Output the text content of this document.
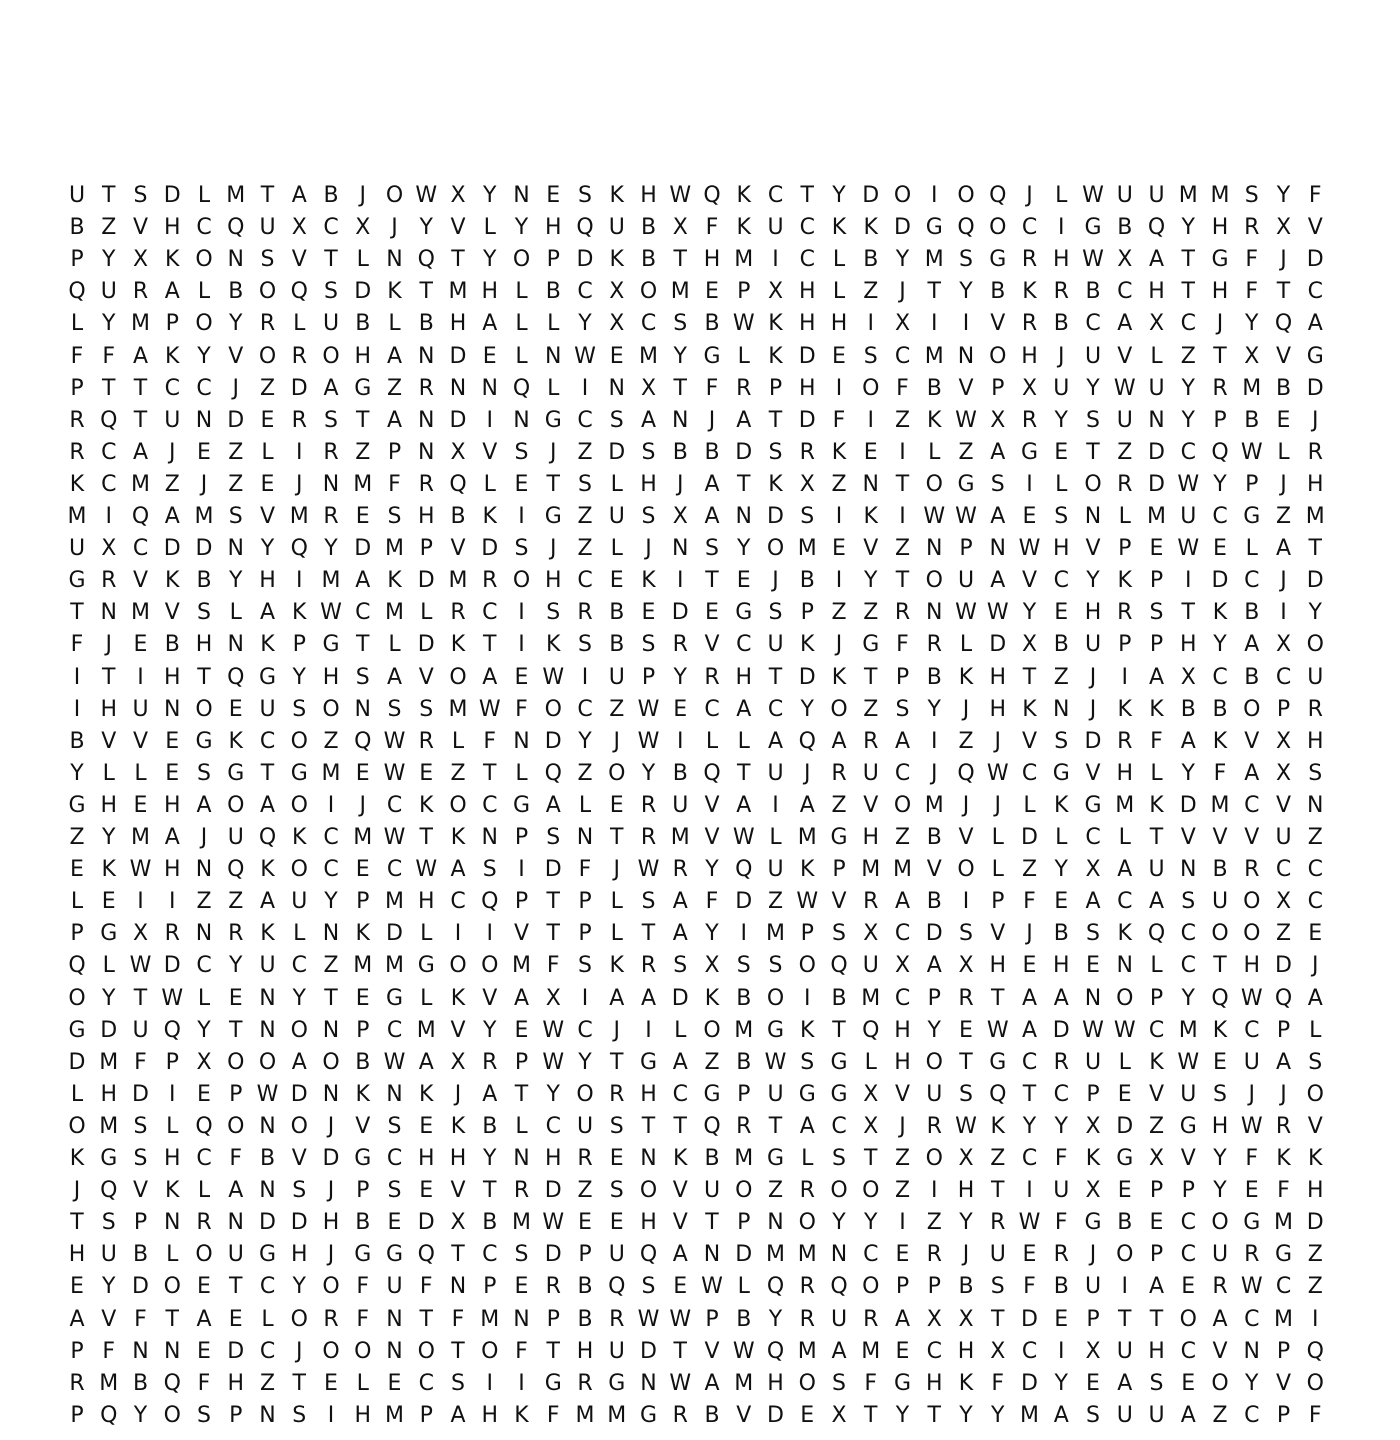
U T S D L M T A B J O W X Y N E S K H W Q K C T Y D O I O Q J	L W U U M M S Y F
B Z V H C Q U X C X J Y V L Y H Q U B X F K U C K K D G Q O C I G B Q Y H R X V
P Y X K O N S V T L N Q T Y O P D K B T H M I C L B Y M S G R H W X A T G F	J D
Q U R A L B O Q S D K T M H L B C X O M E P X H L Z J T Y B K R B C H T H F T C
L Y M P O Y R L U B L B H A L L Y X C S B W K H H I X I	I V R B C A X C J Y Q A
F F A K Y V O R O H A N D E L N W E M Y G L K D E S C M N O H J U V L Z T X V G
P T T C C J Z D A G Z R N N Q L	I N X T F R P H I O F B V P X U Y W U Y R M B D
R Q T U N D E R S T A N D I N G C S A N J A T D F	I Z K W X R Y S U N Y P B E J
R C A J E Z L	I R Z P N X V S J Z D S B B D S R K E I	L Z A G E T Z D C Q W L R
K C M Z J Z E J N M F R Q L E T S L H J A T K X Z N T O G S I	L O R D W Y P J H
M I Q A M S V M R E S H B K I G Z U S X A N D S I K I W W A E S N L M U C G Z M
U X C D D N Y Q Y D M P V D S J Z L	J N S Y O M E V Z N P N W H V P E W E L A T
G R V K B Y H I M A K D M R O H C E K I T E J B I Y T O U A V C Y K P I D C J D
T N M V S L A K W C M L R C I S R B E D E G S P Z Z R N W W Y E H R S T K B I Y
F	J E B H N K P G T L D K T I K S B S R V C U K J G F R L D X B U P P H Y A X O
I T I H T Q G Y H S A V O A E W I U P Y R H T D K T P B K H T Z J	I A X C B C U
I H U N O E U S O N S S M W F O C Z W E C A C Y O Z S Y J H K N J K K B B O P R
B V V E G K C O Z Q W R L F N D Y J W I	L L A Q A R A I Z J V S D R F A K V X H
Y L L E S G T G M E W E Z T L Q Z O Y B Q T U J R U C J Q W C G V H L Y F A X S
G H E H A O A O I	J C K O C G A L E R U V A I A Z V O M J	J	L K G M K D M C V N
Z Y M A J U Q K C M W T K N P S N T R M V W L M G H Z B V L D L C L T V V V U Z
E K W H N Q K O C E C W A S I D F	J W R Y Q U K P M M V O L Z Y X A U N B R C C
L E I	I Z Z A U Y P M H C Q P T P L S A F D Z W V R A B I P F E A C A S U O X C
P G X R N R K L N K D L	I	I V T P L T A Y I M P S X C D S V J B S K Q C O O Z E
Q L W D C Y U C Z M M G O O M F S K R S X S S O Q U X A X H E H E N L C T H D J
O Y T W L E N Y T E G L K V A X I A A D K B O I B M C P R T A A N O P Y Q W Q A
G D U Q Y T N O N P C M V Y E W C J	I	L O M G K T Q H Y E W A D W W C M K C P L
D M F P X O O A O B W A X R P W Y T G A Z B W S G L H O T G C R U L K W E U A S
L H D I E P W D N K N K J A T Y O R H C G P U G G X V U S Q T C P E V U S J	J O
O M S L Q O N O J V S E K B L C U S T T Q R T A C X J R W K Y Y X D Z G H W R V
K G S H C F B V D G C H H Y N H R E N K B M G L S T Z O X Z C F K G X V Y F K K
J Q V K L A N S J P S E V T R D Z S O V U O Z R O O Z I H T I U X E P P Y E F H
T S P N R N D D H B E D X B M W E E H V T P N O Y Y I Z Y R W F G B E C O G M D
H U B L O U G H J G G Q T C S D P U Q A N D M M N C E R J U E R J O P C U R G Z
E Y D O E T C Y O F U F N P E R B Q S E W L Q R Q O P P B S F B U I A E R W C Z
A V F T A E L O R F N T F M N P B R W W P B Y R U R A X X T D E P T T O A C M I
P F N N E D C J O O N O T O F T H U D T V W Q M A M E C H X C I X U H C V N P Q
R M B Q F H Z T E L E C S I	I G R G N W A M H O S F G H K F D Y E A S E O Y V O
P Q Y O S P N S I H M P A H K F M M G R B V D E X T Y T Y Y M A S U U A Z C P F
